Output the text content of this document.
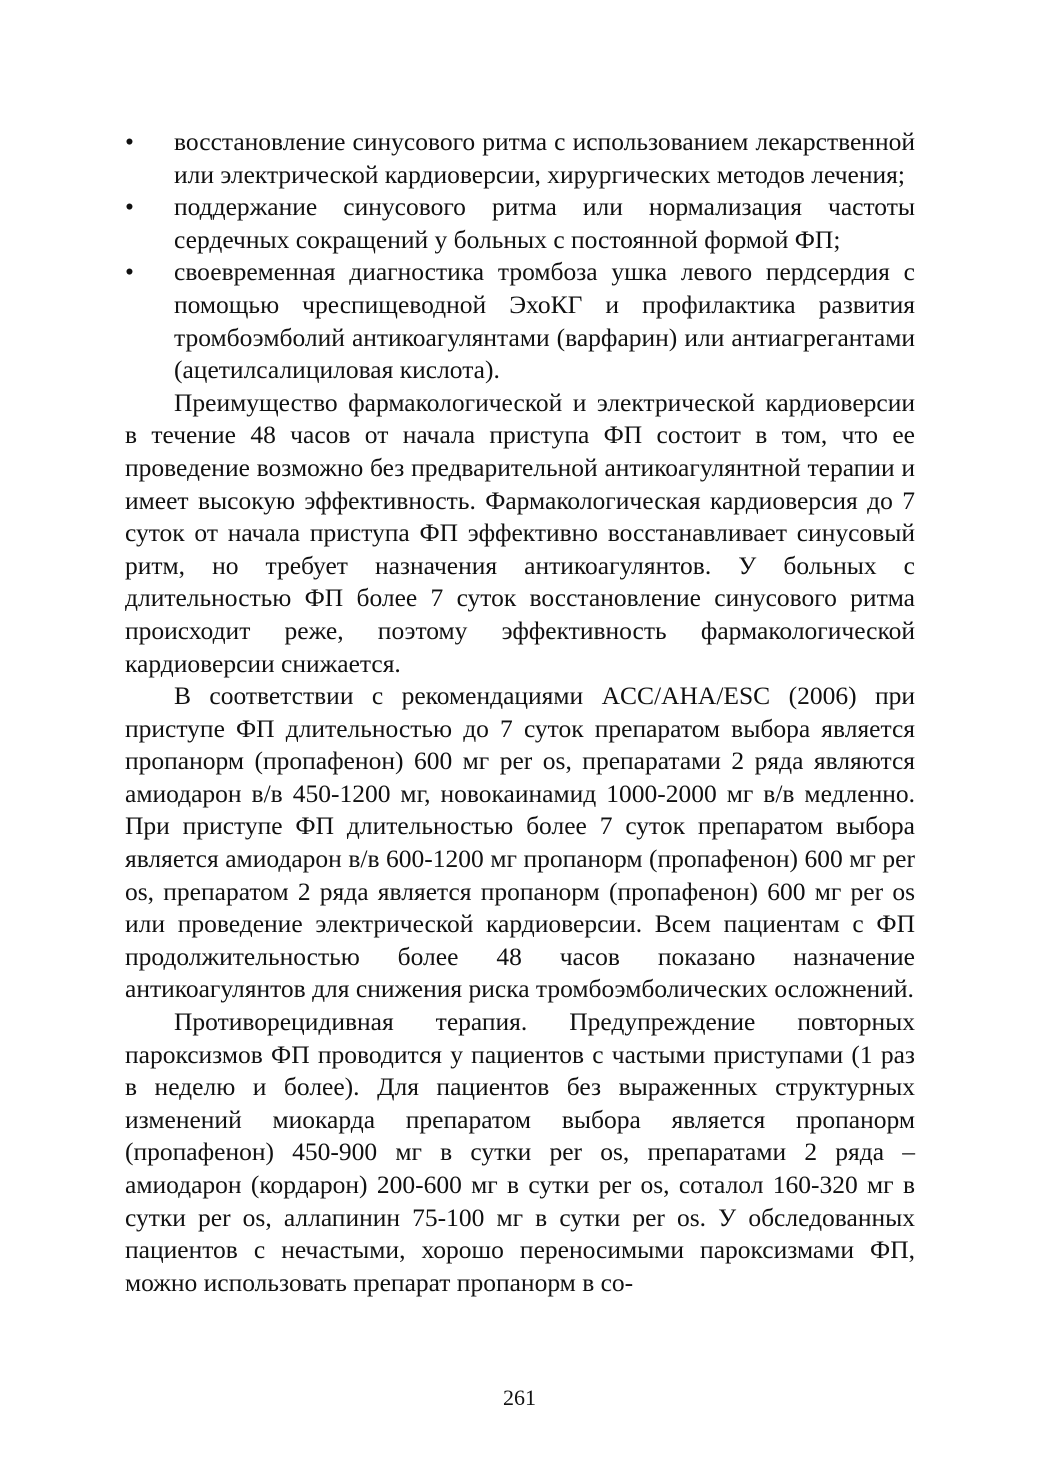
•	восстановление синусового ритма с использованием лекарственной или электрической кардиоверсии, хирургических методов лечения;
•	поддержание синусового ритма или нормализация частоты сердечных сокращений у больных с постоянной формой ФП;
•	своевременная диагностика тромбоза ушка левого пердсердия с помощью чреспищеводной ЭхоКГ и профилактика развития тромбоэмболий антикоагулянтами (варфарин) или антиагрегантами (ацетилсалициловая кислота).

Преимущество фармакологической и электрической кардиоверсии в течение 48 часов от начала приступа ФП состоит в том, что ее проведение возможно без предварительной антикоагулянтной терапии и имеет высокую эффективность. Фармакологическая кардиоверсия до 7 суток от начала приступа ФП эффективно восстанавливает синусовый ритм, но требует назначения антикоагулянтов. У больных с длительностью ФП более 7 суток восстановление синусового ритма происходит реже, поэтому эффективность фармакологической кардиоверсии снижается.

В соответствии с рекомендациями ACC/AHA/ESC (2006) при приступе ФП длительностью до 7 суток препаратом выбора является пропанорм (пропафенон) 600 мг per os, препаратами 2 ряда являются амиодарон в/в 450-1200 мг, новокаинамид 1000-2000 мг в/в медленно. При приступе ФП длительностью более 7 суток препаратом выбора является амиодарон в/в 600-1200 мг пропанорм (пропафенон) 600 мг per os, препаратом 2 ряда является пропанорм (пропафенон) 600 мг per os или проведение электрической кардиоверсии. Всем пациентам с ФП продолжительностью более 48 часов показано назначение антикоагулянтов для снижения риска тромбоэмболических осложнений.

Противорецидивная терапия. Предупреждение повторных пароксизмов ФП проводится у пациентов с частыми приступами (1 раз в неделю и более). Для пациентов без выраженных структурных изменений миокарда препаратом выбора является пропанорм (пропафенон) 450-900 мг в сутки per os, препаратами 2 ряда – амиодарон (кордарон) 200-600 мг в сутки per os, соталол 160-320 мг в сутки per os, аллапинин 75-100 мг в сутки per os. У обследованных пациентов с нечастыми, хорошо переносимыми пароксизмами ФП, можно использовать препарат пропанорм в со-

261
